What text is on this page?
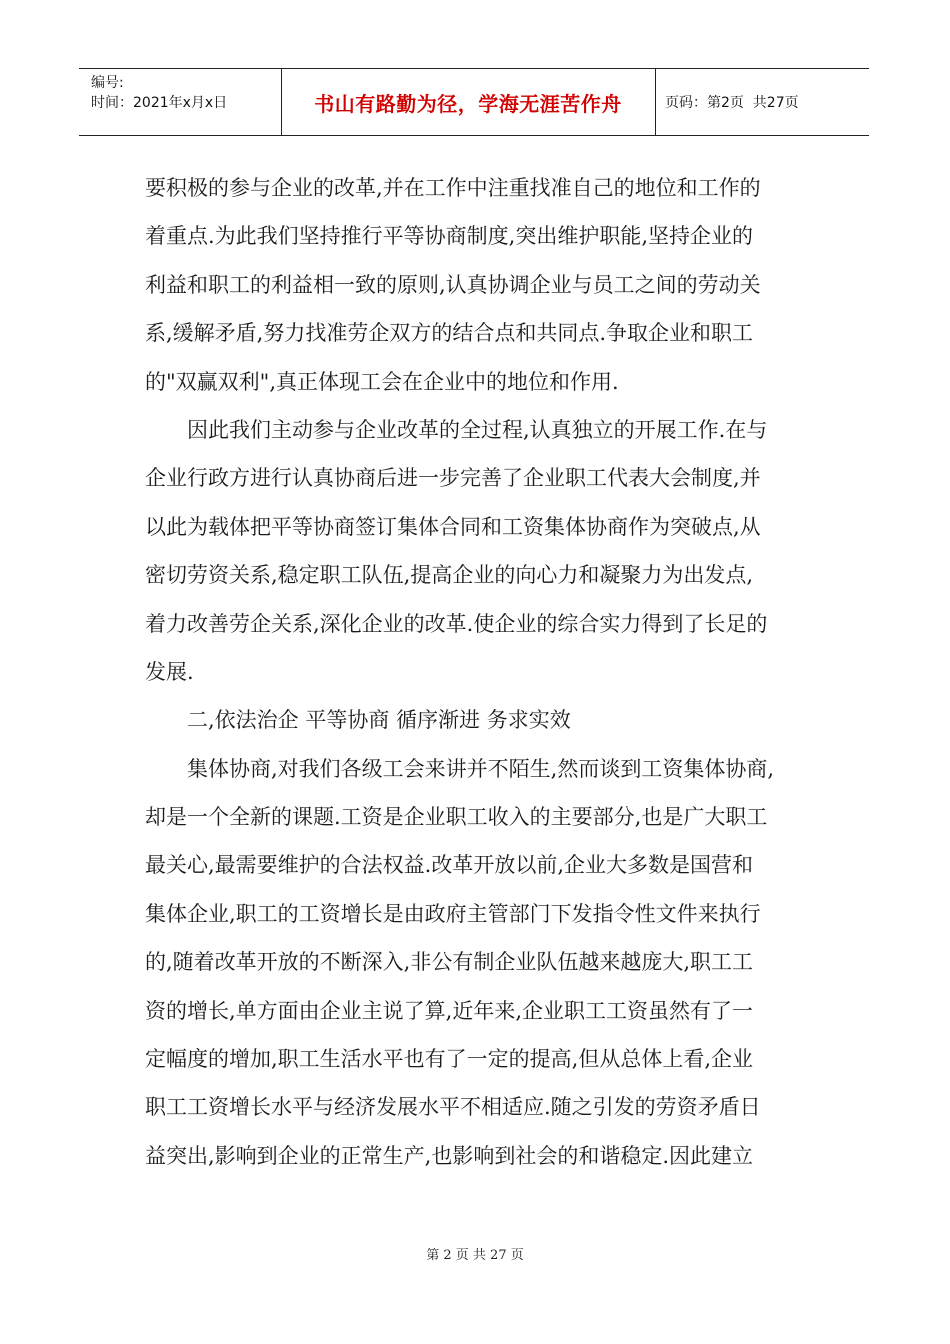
编号:
时间：2021年x月x日	书山有路勤为径，学海无涯苦作舟	页码：第2页  共27页
要积极的参与企业的改革,并在工作中注重找准自己的地位和工作的
着重点.为此我们坚持推行平等协商制度,突出维护职能,坚持企业的
利益和职工的利益相一致的原则,认真协调企业与员工之间的劳动关
系,缓解矛盾,努力找准劳企双方的结合点和共同点.争取企业和职工
的"双赢双利",真正体现工会在企业中的地位和作用.
　　因此我们主动参与企业改革的全过程,认真独立的开展工作.在与
企业行政方进行认真协商后进一步完善了企业职工代表大会制度,并
以此为载体把平等协商签订集体合同和工资集体协商作为突破点,从
密切劳资关系,稳定职工队伍,提高企业的向心力和凝聚力为出发点,
着力改善劳企关系,深化企业的改革.使企业的综合实力得到了长足的
发展.
　　二,依法治企 平等协商 循序渐进 务求实效
　　集体协商,对我们各级工会来讲并不陌生,然而谈到工资集体协商,
却是一个全新的课题.工资是企业职工收入的主要部分,也是广大职工
最关心,最需要维护的合法权益.改革开放以前,企业大多数是国营和
集体企业,职工的工资增长是由政府主管部门下发指令性文件来执行
的,随着改革开放的不断深入,非公有制企业队伍越来越庞大,职工工
资的增长,单方面由企业主说了算,近年来,企业职工工资虽然有了一
定幅度的增加,职工生活水平也有了一定的提高,但从总体上看,企业
职工工资增长水平与经济发展水平不相适应.随之引发的劳资矛盾日
益突出,影响到企业的正常生产,也影响到社会的和谐稳定.因此建立
第 2 页 共 27 页
